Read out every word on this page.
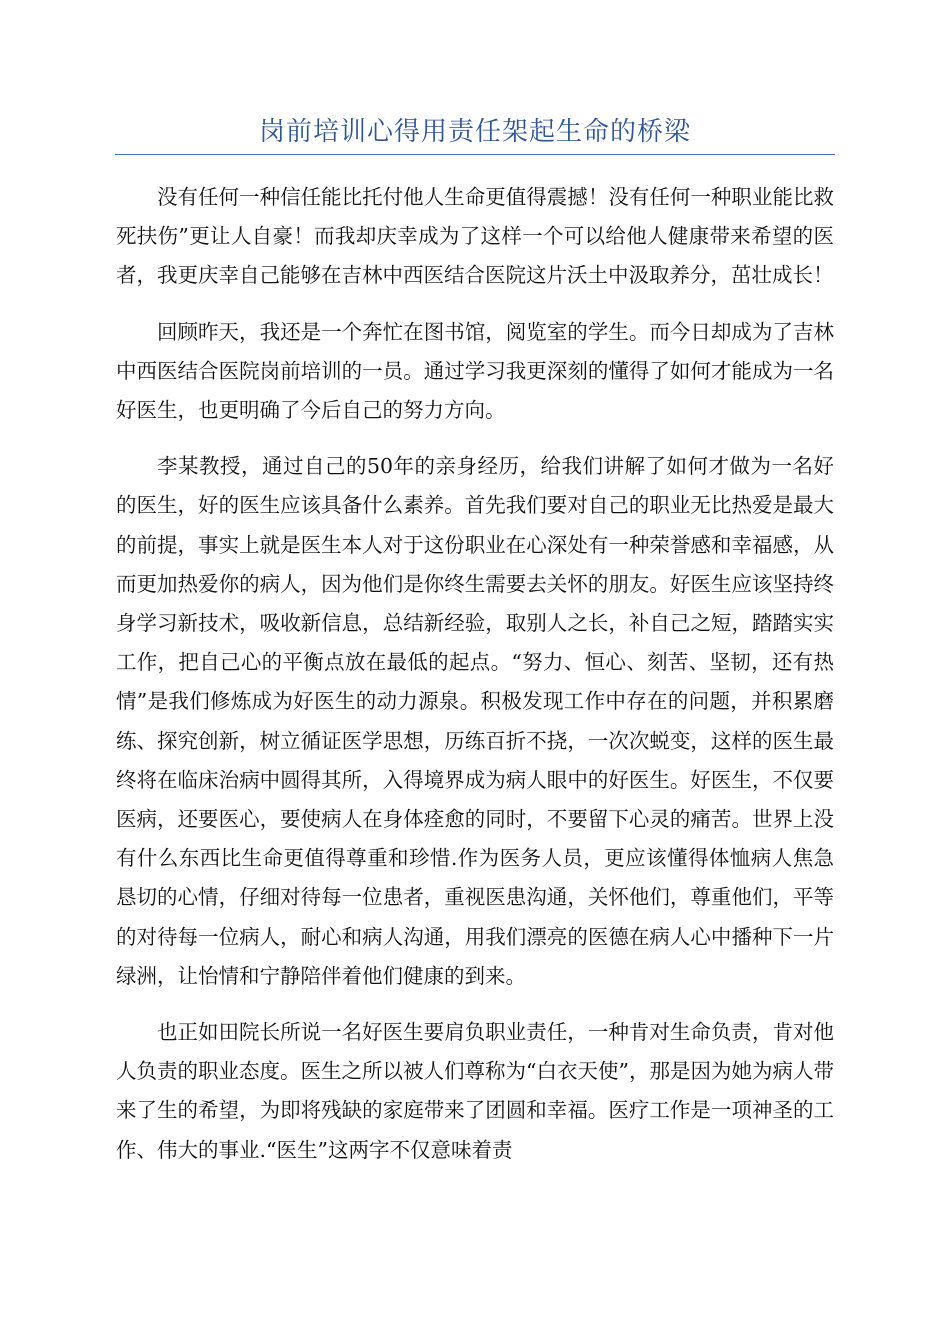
岗前培训心得用责任架起生命的桥梁

没有任何一种信任能比托付他人生命更值得震撼！没有任何一种职业能比救死扶伤”更让人自豪！而我却庆幸成为了这样一个可以给他人健康带来希望的医者，我更庆幸自己能够在吉林中西医结合医院这片沃土中汲取养分，茁壮成长！

回顾昨天，我还是一个奔忙在图书馆，阅览室的学生。而今日却成为了吉林中西医结合医院岗前培训的一员。通过学习我更深刻的懂得了如何才能成为一名好医生，也更明确了今后自己的努力方向。

李某教授，通过自己的50年的亲身经历，给我们讲解了如何才做为一名好的医生，好的医生应该具备什么素养。首先我们要对自己的职业无比热爱是最大的前提，事实上就是医生本人对于这份职业在心深处有一种荣誉感和幸福感，从而更加热爱你的病人，因为他们是你终生需要去关怀的朋友。好医生应该坚持终身学习新技术，吸收新信息，总结新经验，取别人之长，补自己之短，踏踏实实工作，把自己心的平衡点放在最低的起点。“努力、恒心、刻苦、坚韧，还有热情”是我们修炼成为好医生的动力源泉。积极发现工作中存在的问题，并积累磨练、探究创新，树立循证医学思想，历练百折不挠，一次次蜕变，这样的医生最终将在临床治病中圆得其所，入得境界成为病人眼中的好医生。好医生，不仅要医病，还要医心，要使病人在身体痊愈的同时，不要留下心灵的痛苦。世界上没有什么东西比生命更值得尊重和珍惜.作为医务人员，更应该懂得体恤病人焦急恳切的心情，仔细对待每一位患者，重视医患沟通，关怀他们，尊重他们，平等的对待每一位病人，耐心和病人沟通，用我们漂亮的医德在病人心中播种下一片绿洲，让怡情和宁静陪伴着他们健康的到来。

也正如田院长所说一名好医生要肩负职业责任，一种肯对生命负责，肯对他人负责的职业态度。医生之所以被人们尊称为“白衣天使”，那是因为她为病人带来了生的希望，为即将残缺的家庭带来了团圆和幸福。医疗工作是一项神圣的工作、伟大的事业.“医生”这两字不仅意味着责
